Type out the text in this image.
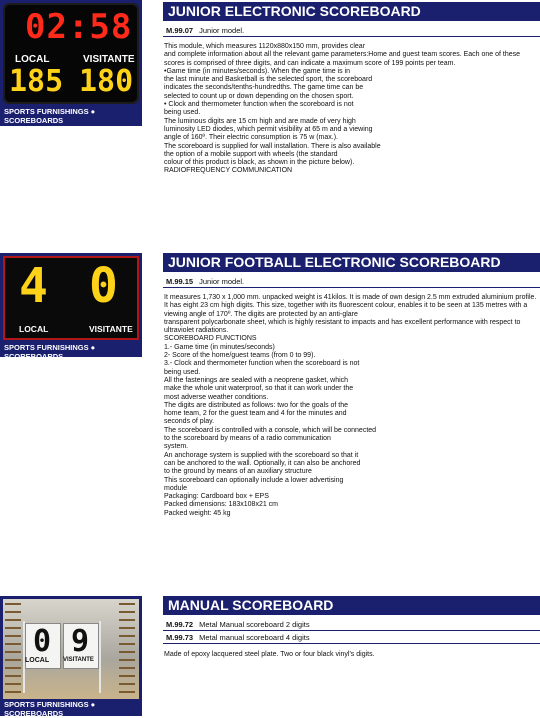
02:58
LOCAL	VISITANTE
185 180
SPORTS FURNISHINGS ● SCOREBOARDS
JUNIOR ELECTRONIC SCOREBOARD
M.99.07 Junior model.

This module, which measures 1120x880x150 mm, provides clear

and complete information about all the relevant game parameters:Home and guest team scores. Each one of these scores is comprised of three digits, and can indicate a maximum score of 199 points per team.

•Game time (in minutes/seconds). When the game time is in

the last minute and Basketball is the selected sport, the scoreboard

indicates the seconds/tenths-hundredths. The game time can be

selected to count up or down depending on the chosen sport.

• Clock and thermometer function when the scoreboard is not

being used.

The luminous digits are 15 cm high and are made of very high

luminosity LED diodes, which permit visibility at 65 m and a viewing

angle of 160º. Their electric consumption is 75 w (max.).

The scoreboard is supplied for wall installation. There is also available

the option of a mobile support with wheels (the standard

colour of this product is black, as shown in the picture below).

RADIOFREQUENCY COMMUNICATION

4 0
LOCAL	VISITANTE
SPORTS FURNISHINGS ● SCOREBOARDS
JUNIOR FOOTBALL ELECTRONIC SCOREBOARD
M.99.15 Junior model.

It measures 1,730 x 1,000 mm. unpacked weight is 41kilos. It is made of own design 2.5 mm extruded aluminium profile. It has eight 23 cm high digits. This size, together with its fluorescent colour, enables it to be seen at 135 metres with a viewing angle of 170º. The digits are protected by an anti-glare

transparent polycarbonate sheet, which is highly resistant to impacts and has excellent performance with respect to ultraviolet radiations.

SCOREBOARD FUNCTIONS

1.- Game time (in minutes/seconds)

2- Score of the home/guest teams (from 0 to 99).

3.- Clock and thermometer function when the scoreboard is not

being used.

All the fastenings are sealed with a neoprene gasket, which

make the whole unit waterproof, so that it can work under the

most adverse weather conditions.

The digits are distributed as follows: two for the goals of the

home team, 2 for the guest team and 4 for the minutes and

seconds of play.

The scoreboard is controlled with a console, which will be connected

to the scoreboard by means of a radio communication

system.

An anchorage system is supplied with the scoreboard so that it

can be anchored to the wall. Optionally, it can also be anchored

to the ground by means of an auxiliary structure

This scoreboard can optionally include a lower advertising

module

Packaging: Cardboard box + EPS

Packed dimensions: 183x108x21 cm

Packed weight: 45 kg

0 9
LOCAL VISITANTE
SPORTS FURNISHINGS ● SCOREBOARDS
MANUAL SCOREBOARD
M.99.72 Metal Manual scoreboard 2 digits
M.99.73 Metal manual scoreboard 4 digits

Made of epoxy lacquered steel plate. Two or four black vinyl's digits.
